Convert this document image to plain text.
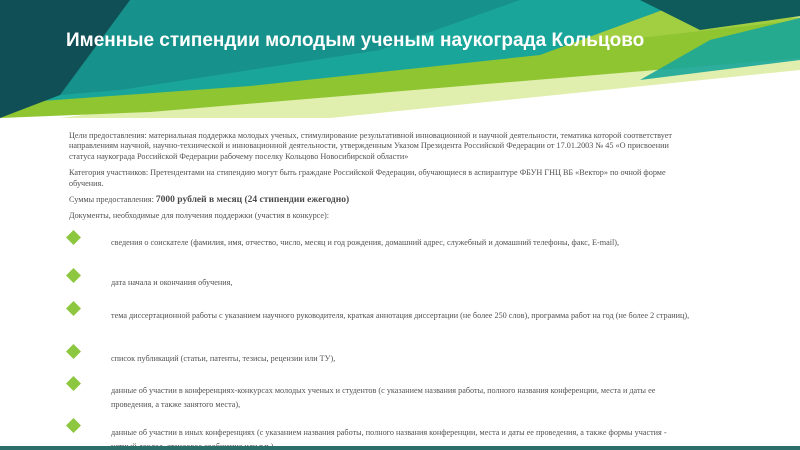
Именные стипендии молодым ученым наукограда Кольцово

Цели предоставления: материальная поддержка молодых ученых, стимулирование результативной инновационной и научной деятельности, тематика которой соответствует направлениям научной, научно-технической и инновационной деятельности, утвержденным Указом Президента Российской Федерации от 17.01.2003 № 45 «О присвоении статуса наукограда Российской Федерации рабочему поселку Кольцово Новосибирской области»

Категория участников: Претендентами на стипендию могут быть граждане Российской Федерации, обучающиеся в аспирантуре ФБУН ГНЦ ВБ «Вектор» по очной форме обучения.

Суммы предоставления: 7000 рублей в месяц (24 стипендии ежегодно)

Документы, необходимые для получения поддержки (участия в конкурсе):

сведения о соискателе (фамилия, имя, отчество, число, месяц и год рождения, домашний адрес, служебный и домашний телефоны, факс, E-mail),
дата начала и окончания обучения,
тема диссертационной работы с указанием научного руководителя, краткая аннотация диссертации (не более 250 слов), программа работ на год (не более 2 страниц),
список публикаций (статьи, патенты, тезисы, рецензии или ТУ),
данные об участии в конференциях-конкурсах молодых ученых и студентов (с указанием названия работы, полного названия конференции, места и даты ее проведения, а также занятого места),
данные об участии в иных конференциях (с указанием названия работы, полного названия конференции, места и даты ее проведения, а также формы участия -
